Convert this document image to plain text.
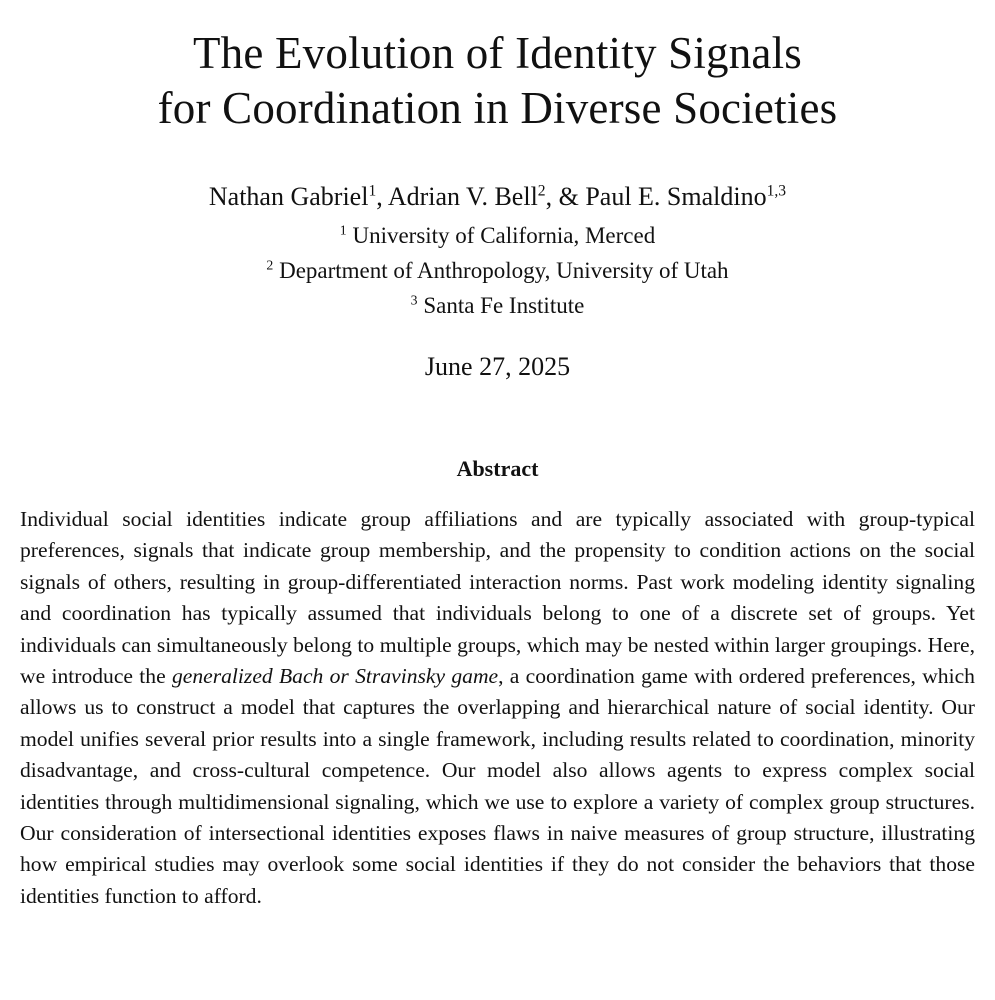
The Evolution of Identity Signals
for Coordination in Diverse Societies
Nathan Gabriel$^1$, Adrian V. Bell$^2$, & Paul E. Smaldino$^{1,3}$
$^1$ University of California, Merced
$^2$ Department of Anthropology, University of Utah
$^3$ Santa Fe Institute
June 27, 2025
Abstract

Individual social identities indicate group affiliations and are typically associated with group-typical preferences, signals that indicate group membership, and the propensity to condition actions on the social signals of others, resulting in group-differentiated interaction norms. Past work modeling identity signaling and coordination has typically assumed that individuals belong to one of a discrete set of groups. Yet individuals can simultaneously belong to multiple groups, which may be nested within larger groupings. Here, we introduce the generalized Bach or Stravinsky game, a coordination game with ordered preferences, which allows us to construct a model that captures the overlapping and hierarchical nature of social identity. Our model unifies several prior results into a single framework, including results related to coordination, minority disadvantage, and cross-cultural competence. Our model also allows agents to express complex social identities through multidimensional signaling, which we use to explore a variety of complex group structures. Our consideration of intersectional identities exposes flaws in naive measures of group structure, illustrating how empirical studies may overlook some social identities if they do not consider the behaviors that those identities function to afford.
